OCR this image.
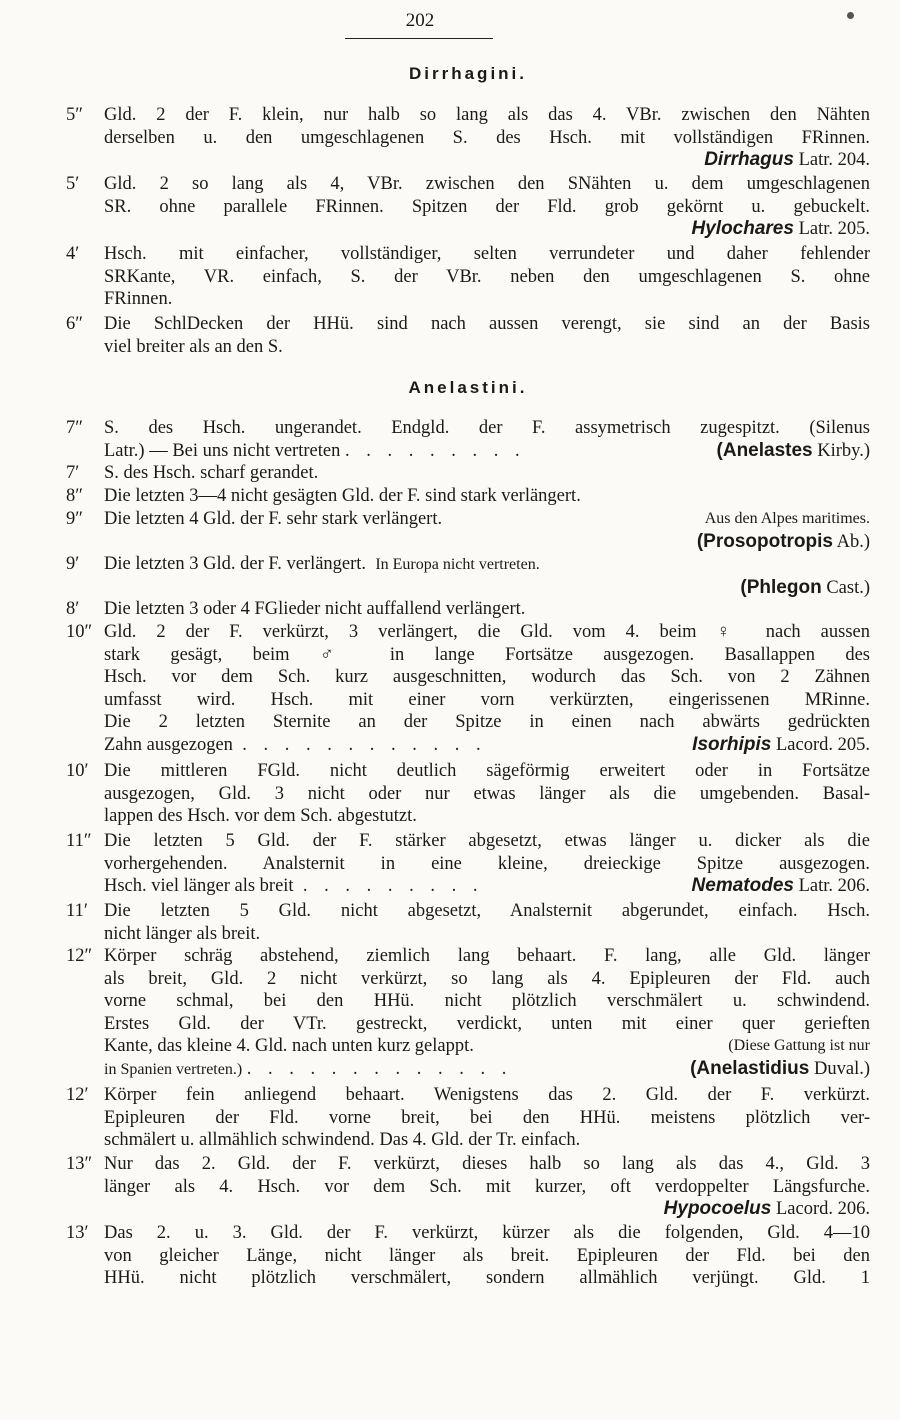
202
Dirrhagini.
5″	Gld. 2 der F. klein, nur halb so lang als das 4. VBr. zwischen den Nähten
derselben u. den umgeschlagenen S. des Hsch. mit vollständigen FRinnen.
Dirrhagus Latr. 204.
5′	Gld. 2 so lang als 4, VBr. zwischen den SNähten u. dem umgeschlagenen
SR. ohne parallele FRinnen. Spitzen der Fld. grob gekörnt u. gebuckelt.
Hylochares Latr. 205.
4′	Hsch. mit einfacher, vollständiger, selten verrundeter und daher fehlender
SRKante, VR. einfach, S. der VBr. neben den umgeschlagenen S. ohne
FRinnen.
6″	Die SchlDecken der HHü. sind nach aussen verengt, sie sind an der Basis
viel breiter als an den S.
Anelastini.
7″	S. des Hsch. ungerandet. Endgld. der F. assymetrisch zugespitzt. (Silenus
Latr.) — Bei uns nicht vertreten . . . . . . . . .	(Anelastes Kirby.)
7′	S. des Hsch. scharf gerandet.
8″	Die letzten 3—4 nicht gesägten Gld. der F. sind stark verlängert.
9″	Die letzten 4 Gld. der F. sehr stark verlängert.	Aus den Alpes maritimes.
(Prosopotropis Ab.)
9′	Die letzten 3 Gld. der F. verlängert. In Europa nicht vertreten.
(Phlegon Cast.)
8′	Die letzten 3 oder 4 FGlieder nicht auffallend verlängert.
10″ Gld. 2 der F. verkürzt, 3 verlängert, die Gld. vom 4. beim ♀ nach aussen
stark gesägt, beim ♂ in lange Fortsätze ausgezogen. Basallappen des
Hsch. vor dem Sch. kurz ausgeschnitten, wodurch das Sch. von 2 Zähnen
umfasst wird. Hsch. mit einer vorn verkürzten, eingerissenen MRinne.
Die 2 letzten Sternite an der Spitze in einen nach abwärts gedrückten
Zahn ausgezogen . . . . . . . . . . . .	Isorhipis Lacord. 205.
10′ Die mittleren FGld. nicht deutlich sägeförmig erweitert oder in Fortsätze
ausgezogen, Gld. 3 nicht oder nur etwas länger als die umgebenden. Basal-
lappen des Hsch. vor dem Sch. abgestutzt.
11″ Die letzten 5 Gld. der F. stärker abgesetzt, etwas länger u. dicker als die
vorhergehenden. Analsternit in eine kleine, dreieckige Spitze ausgezogen.
Hsch. viel länger als breit . . . . . . . . .	Nematodes Latr. 206.
11′ Die letzten 5 Gld. nicht abgesetzt, Analsternit abgerundet, einfach. Hsch.
nicht länger als breit.
12″ Körper schräg abstehend, ziemlich lang behaart. F. lang, alle Gld. länger
als breit, Gld. 2 nicht verkürzt, so lang als 4. Epipleuren der Fld. auch
vorne schmal, bei den HHü. nicht plötzlich verschmälert u. schwindend.
Erstes Gld. der VTr. gestreckt, verdickt, unten mit einer quer gerieften
Kante, das kleine 4. Gld. nach unten kurz gelappt.	(Diese Gattung ist nur
in Spanien vertreten.) . . . . . . . . . . . . .	(Anelastidius Duval.)
12′ Körper fein anliegend behaart. Wenigstens das 2. Gld. der F. verkürzt.
Epipleuren der Fld. vorne breit, bei den HHü. meistens plötzlich ver-
schmälert u. allmählich schwindend. Das 4. Gld. der Tr. einfach.
13″ Nur das 2. Gld. der F. verkürzt, dieses halb so lang als das 4., Gld. 3
länger als 4. Hsch. vor dem Sch. mit kurzer, oft verdoppelter Längsfurche.
Hypocoelus Lacord. 206.
13′ Das 2. u. 3. Gld. der F. verkürzt, kürzer als die folgenden, Gld. 4—10
von gleicher Länge, nicht länger als breit. Epipleuren der Fld. bei den
HHü. nicht plötzlich verschmälert, sondern allmählich verjüngt. Gld. 1
